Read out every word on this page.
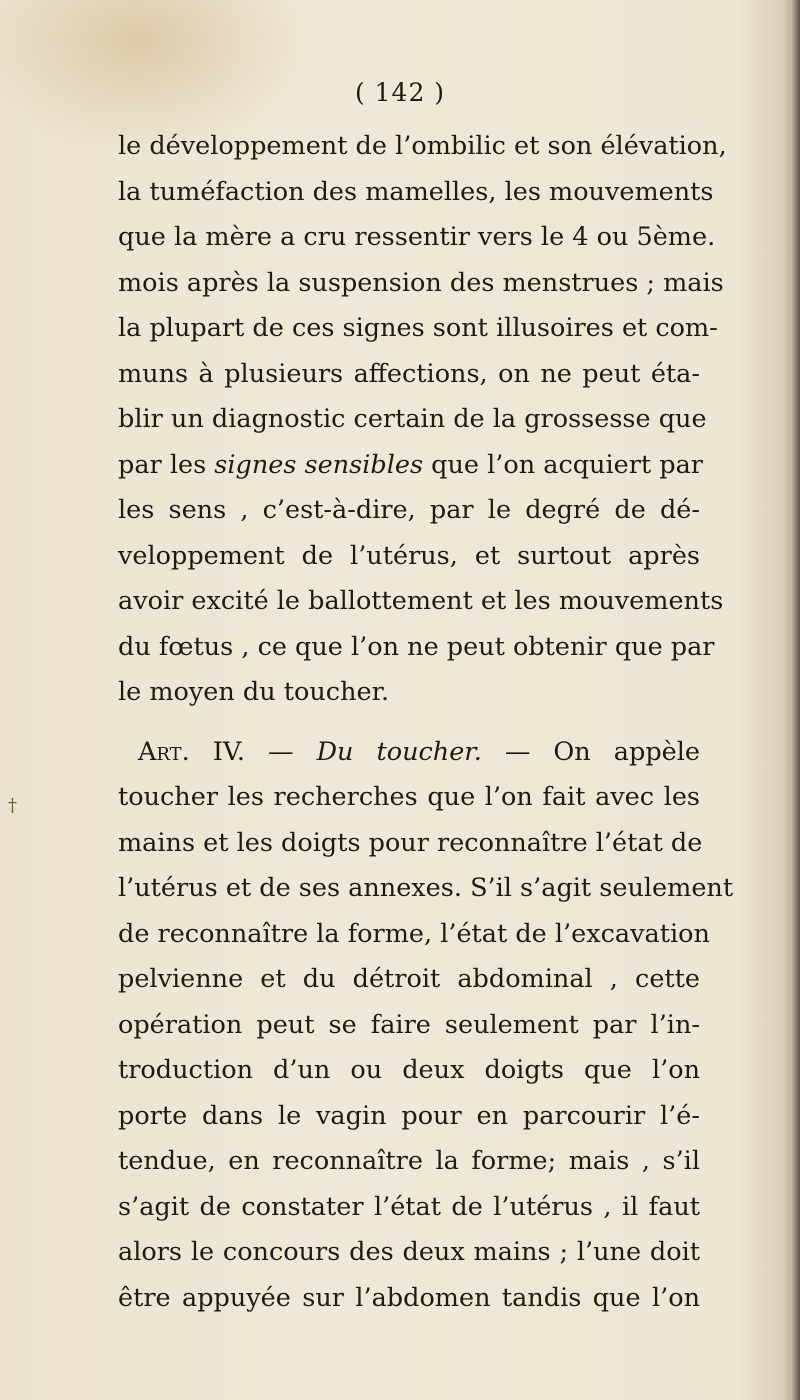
( 142 )
le développement de l’ombilic et son élévation,
la tuméfaction des mamelles, les mouvements
que la mère a cru ressentir vers le 4 ou 5ème.
mois après la suspension des menstrues ; mais
la plupart de ces signes sont illusoires et com-
muns à plusieurs affections, on ne peut éta-
blir un diagnostic certain de la grossesse que
par les signes sensibles que l’on acquiert par
les sens , c’est-à-dire, par le degré de dé-
veloppement de l’utérus, et surtout après
avoir excité le ballottement et les mouvements
du fœtus , ce que l’on ne peut obtenir que par
le moyen du toucher.
Art. IV. — Du toucher. — On appèle
toucher les recherches que l’on fait avec les
mains et les doigts pour reconnaître l’état de
l’utérus et de ses annexes. S’il s’agit seulement
de reconnaître la forme, l’état de l’excavation
pelvienne et du détroit abdominal , cette
opération peut se faire seulement par l’in-
troduction d’un ou deux doigts que l’on
porte dans le vagin pour en parcourir l’é-
tendue, en reconnaître la forme; mais , s’il
s’agit de constater l’état de l’utérus , il faut
alors le concours des deux mains ; l’une doit
être appuyée sur l’abdomen tandis que l’on
†
